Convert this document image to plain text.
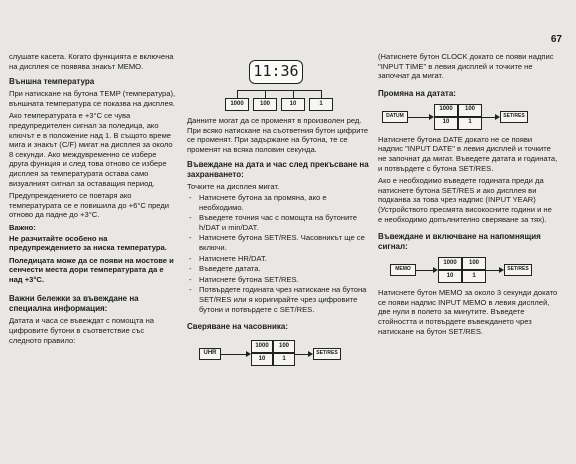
67

слушате касета. Когато функцията е включена на дисплея се появява знакът MEMO.

Външна температура

При натискане на бутона TEMP (температура), външната температура се показва на дисплея.

Ако температурата е +3°С се чува предупредителен сигнал за поледица, ако ключът е в положение над 1. В същото време мига и знакът (С/F) мигат на дисплея за около 8 секунди. Ако междувременно се избере друга функция и след това отново се избере дисплея за температурата остава само визуалният сигнал за оставащия период.

Предупреждението се повтаря ако температурата се е повишила до +6°С преди отново да падне до +3°С.

Важно:

Не разчитайте особено на предупреждението за ниска температура.

Поледицата може да се появи на мостове и сенчести места дори температурата да е над +3°С.

Важни бележки за въвеждане на специална информация:

Датата и часа се въвеждат с помощта на цифровите бутони в съответствие със следното правило:

11:36
1000	100	10	1

Данните могат да се променят в произволен ред. При всяко натискане на съответния бутон цифрите се променят. При задържане на бутона, те се променят на всяка половин секунда.

Въвеждане на дата и час след прекъсване на захранването:

Точките на дисплея мигат.

- Натиснете бутона за промяна, ако е необходимо.
- Въведете точния час с помощта на бутоните h/DAT и min/DAT.
- Натиснете бутона SET/RES. Часовникът ще се включи.
- Натиснете HR/DAT.
- Въведете датата.
- Натиснете бутона SET/RES.
- Потвърдете годината чрез натискане на бутона SET/RES или я коригирайте чрез цифровите бутони и потвърдете с SET/RES.
Сверяване на часовника:
UHR
1000	100
10	1
SET/RES

(Натиснете бутон CLOCK докато се появи надпис "INPUT TIME" в левия дисплей и точките не започнат да мигат.

Промяна на датата:
DATUM
1000	100
10	1
SET/RES

Натиснете бутона DATE докато не се появи надпис "INPUT DATE" в левия дисплей и точките не започнат да мигат. Въведете датата и годината, и потвърдете с бутона SET/RES.

Ако е необходимо въведете годината преди да натиснете бутона SET/RES и ако дисплея ви подканва за това чрез надпис (INPUT YEAR) (Устройството пресмята високосните години и не е необходимо допълнително сверяване за тях).

Въвеждане и включване на напомнящия сигнал:
MEMO
1000	100
10	1
SET/RES

Натиснете бутон MEMO за около 3 секунди докато се появи надпис INPUT MEMO в левия дисплей, две нули в полето за минутите. Въведете стойността и потвърдете въвеждането чрез натискане на бутон SET/RES.
